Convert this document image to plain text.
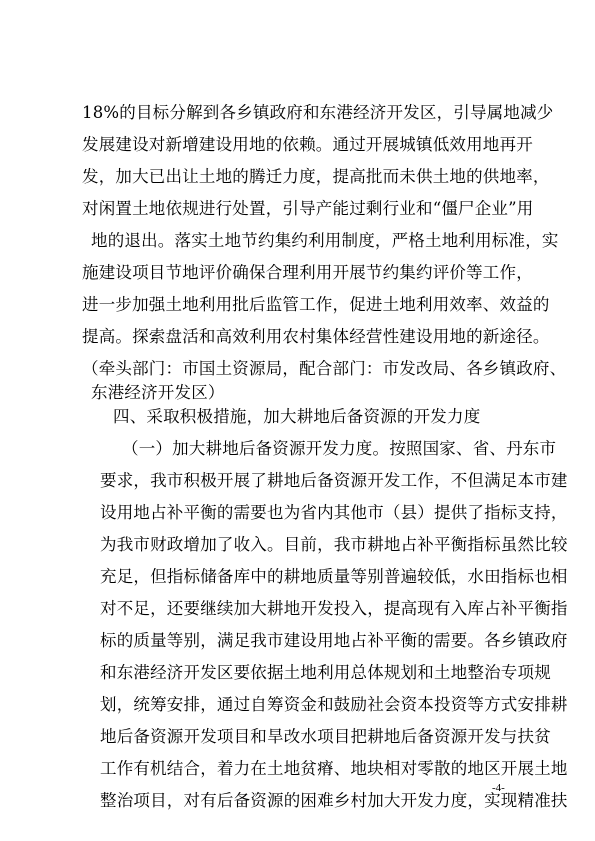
18%的目标分解到各乡镇政府和东港经济开发区，引导属地减少
发展建设对新增建设用地的依赖。通过开展城镇低效用地再开
发，加大已出让土地的腾迁力度，提高批而未供土地的供地率，
对闲置土地依规进行处置，引导产能过剩行业和“僵尸企业”用
地的退出。落实土地节约集约利用制度，严格土地利用标准，实
施建设项目节地评价确保合理利用开展节约集约评价等工作，
进一步加强土地利用批后监管工作，促进土地利用效率、效益的
提高。探索盘活和高效利用农村集体经营性建设用地的新途径。
（牵头部门：市国土资源局，配合部门：市发改局、各乡镇政府、
东港经济开发区）
四、采取积极措施，加大耕地后备资源的开发力度
（一）加大耕地后备资源开发力度。按照国家、省、丹东市
要求，我市积极开展了耕地后备资源开发工作，不但满足本市建
设用地占补平衡的需要也为省内其他市（县）提供了指标支持，
为我市财政增加了收入。目前，我市耕地占补平衡指标虽然比较
充足，但指标储备库中的耕地质量等别普遍较低，水田指标也相
对不足，还要继续加大耕地开发投入，提高现有入库占补平衡指
标的质量等别，满足我市建设用地占补平衡的需要。各乡镇政府
和东港经济开发区要依据土地利用总体规划和土地整治专项规
划，统筹安排，通过自筹资金和鼓励社会资本投资等方式安排耕
地后备资源开发项目和旱改水项目把耕地后备资源开发与扶贫
工作有机结合，着力在土地贫瘠、地块相对零散的地区开展土地
整治项目，对有后备资源的困难乡村加大开发力度，实现精准扶
-4-
